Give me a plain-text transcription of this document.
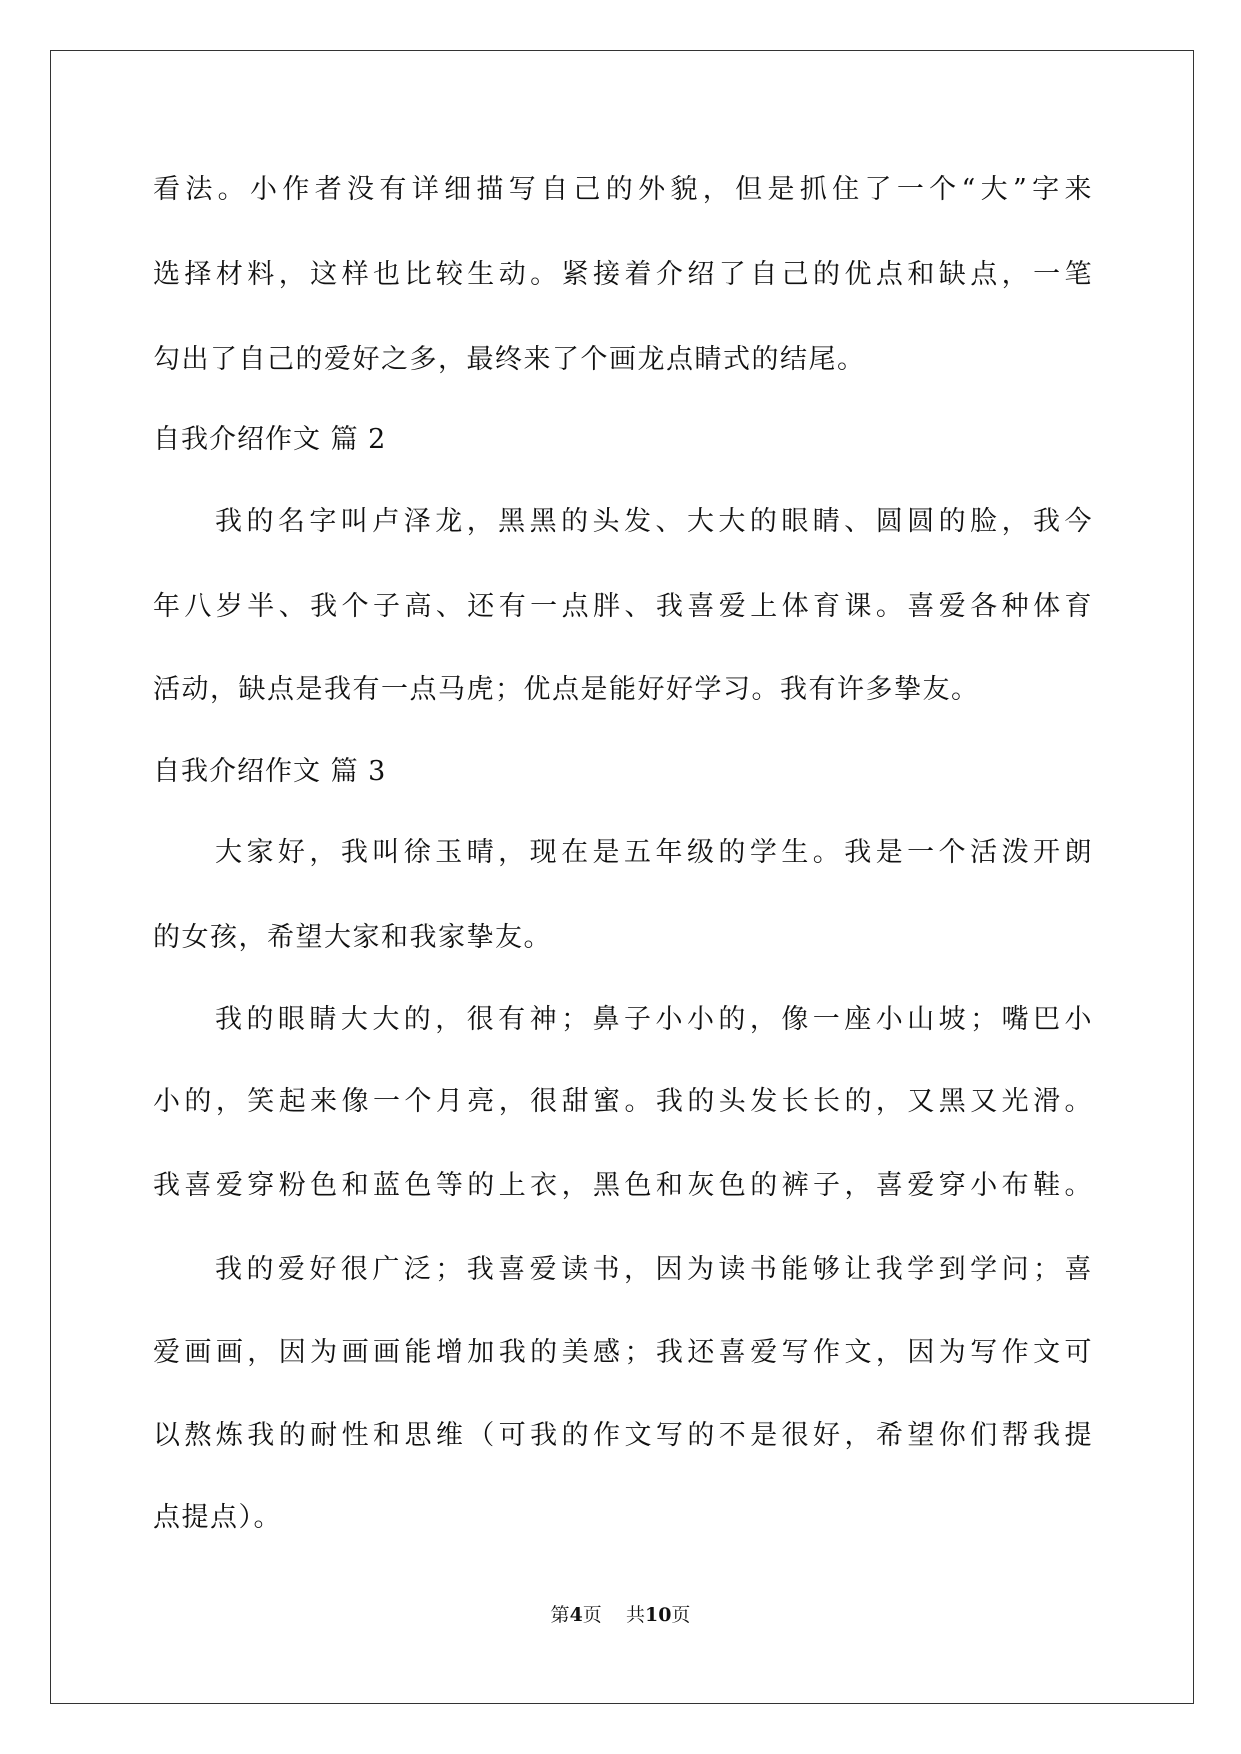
看法。小作者没有详细描写自己的外貌，但是抓住了一个“大”字来
选择材料，这样也比较生动。紧接着介绍了自己的优点和缺点，一笔
勾出了自己的爱好之多，最终来了个画龙点睛式的结尾。
自我介绍作文 篇 2
我的名字叫卢泽龙，黑黑的头发、大大的眼睛、圆圆的脸，我今
年八岁半、我个子高、还有一点胖、我喜爱上体育课。喜爱各种体育
活动，缺点是我有一点马虎；优点是能好好学习。我有许多挚友。
自我介绍作文 篇 3
大家好，我叫徐玉晴，现在是五年级的学生。我是一个活泼开朗
的女孩，希望大家和我家挚友。
我的眼睛大大的，很有神；鼻子小小的，像一座小山坡；嘴巴小
小的，笑起来像一个月亮，很甜蜜。我的头发长长的，又黑又光滑。
我喜爱穿粉色和蓝色等的上衣，黑色和灰色的裤子，喜爱穿小布鞋。
我的爱好很广泛；我喜爱读书，因为读书能够让我学到学问；喜
爱画画，因为画画能增加我的美感；我还喜爱写作文，因为写作文可
以熬炼我的耐性和思维（可我的作文写的不是很好，希望你们帮我提
点提点）。
第4页    共10页
